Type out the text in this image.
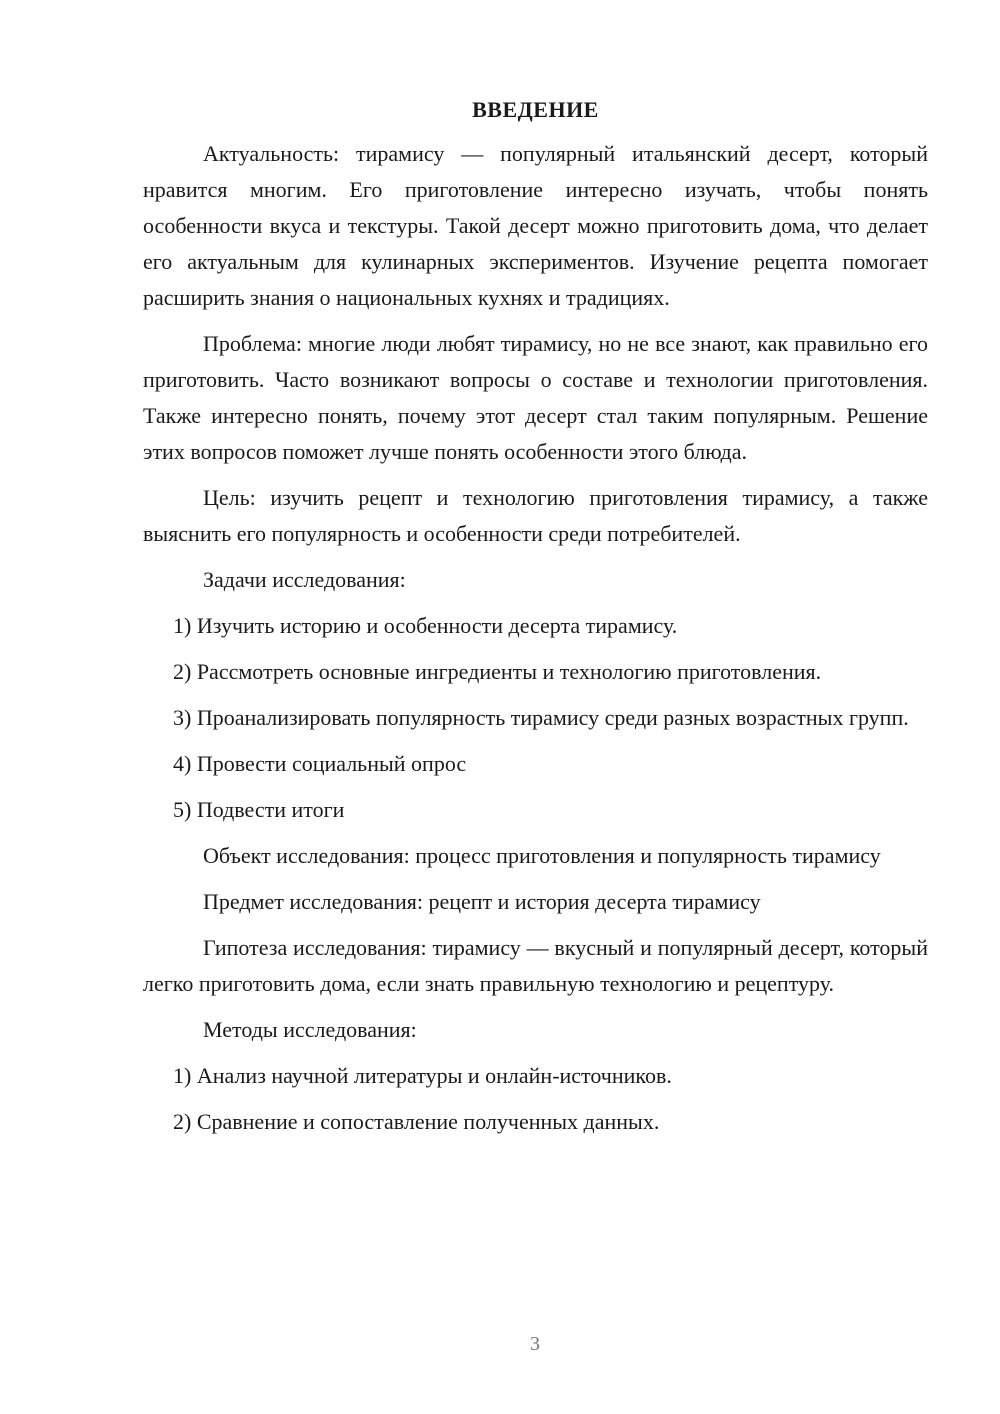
ВВЕДЕНИЕ

Актуальность: тирамису — популярный итальянский десерт, который нравится многим. Его приготовление интересно изучать, чтобы понять особенности вкуса и текстуры. Такой десерт можно приготовить дома, что делает его актуальным для кулинарных экспериментов. Изучение рецепта помогает расширить знания о национальных кухнях и традициях.

Проблема: многие люди любят тирамису, но не все знают, как правильно его приготовить. Часто возникают вопросы о составе и технологии приготовления. Также интересно понять, почему этот десерт стал таким популярным. Решение этих вопросов поможет лучше понять особенности этого блюда.

Цель: изучить рецепт и технологию приготовления тирамису, а также выяснить его популярность и особенности среди потребителей.

Задачи исследования:

1) Изучить историю и особенности десерта тирамису.

2) Рассмотреть основные ингредиенты и технологию приготовления.

3) Проанализировать популярность тирамису среди разных возрастных групп.

4) Провести социальный опрос

5) Подвести итоги

Объект исследования: процесс приготовления и популярность тирамису

Предмет исследования: рецепт и история десерта тирамису

Гипотеза исследования: тирамису — вкусный и популярный десерт, который легко приготовить дома, если знать правильную технологию и рецептуру.

Методы исследования:

1) Анализ научной литературы и онлайн-источников.

2) Сравнение и сопоставление полученных данных.

3
